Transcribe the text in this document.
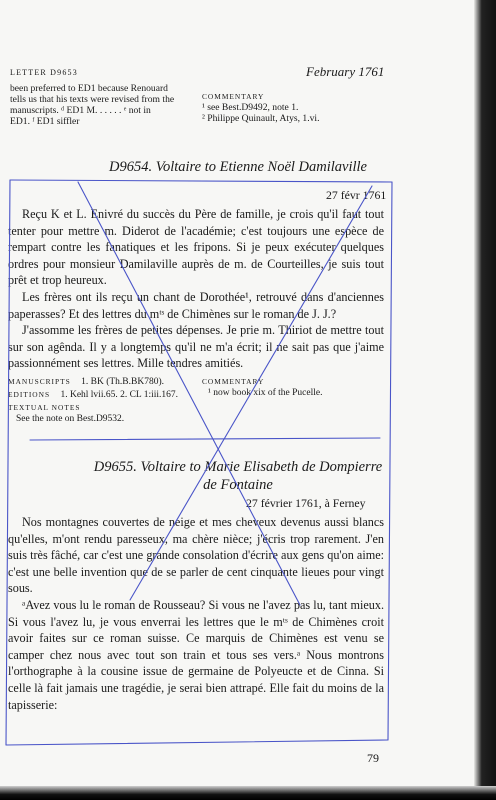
LETTER D9653	February 1761
been preferred to ED1 because Renouard
tells us that his texts were revised from the
manuscripts. ᵈ ED1 M. . . . . . ᵉ not in
ED1. ᶠ ED1 siffler
COMMENTARY
¹ see Best.D9492, note 1.
² Philippe Quinault, Atys, 1.vi.
D9654. Voltaire to Etienne Noël Damilaville
27 févr 1761

Reçu K et L. Enivré du succès du Père de famille, je crois qu'il faut tout tenter pour mettre m. Diderot de l'académie; c'est toujours une espèce de rempart contre les fanatiques et les fripons. Si je peux exécuter quelques ordres pour monsieur Damilaville auprès de m. de Courteilles, je suis tout prêt et trop heureux.

Les frères ont ils reçu un chant de Dorothée¹, retrouvé dans d'anciennes paperasses? Et des lettres du mᵗˢ de Chimènes sur le roman de J. J.?

J'assomme les frères de petites dépenses. Je prie m. Thiriot de mettre tout sur son agênda. Il y a longtemps qu'il ne m'a écrit; il ne sait pas que j'aime passionnément ses lettres. Mille tendres amitiés.

MANUSCRIPTS 1. BK (Th.B.BK780).
EDITIONS 1. Kehl lvii.65. 2. CL 1:iii.167.
TEXTUAL NOTES
See the note on Best.D9532.
COMMENTARY
¹ now book xix of the Pucelle.
D9655. Voltaire to Marie Elisabeth de Dompierre
de Fontaine
27 février 1761, à Ferney

Nos montagnes couvertes de neige et mes cheveux devenus aussi blancs qu'elles, m'ont rendu paresseux, ma chère nièce; j'écris trop rarement. J'en suis très fâché, car c'est une grande consolation d'écrire aux gens qu'on aime: c'est une belle invention que de se parler de cent cinquante lieues pour vingt sous.

ᵃAvez vous lu le roman de Rousseau? Si vous ne l'avez pas lu, tant mieux. Si vous l'avez lu, je vous enverrai les lettres que le mᵗˢ de Chimènes croit avoir faites sur ce roman suisse. Ce marquis de Chimènes est venu se camper chez nous avec tout son train et tous ses vers.ᵃ Nous montrons l'orthographe à la cousine issue de germaine de Polyeucte et de Cinna. Si celle là fait jamais une tragédie, je serai bien attrapé. Elle fait du moins de la tapisserie:

79
